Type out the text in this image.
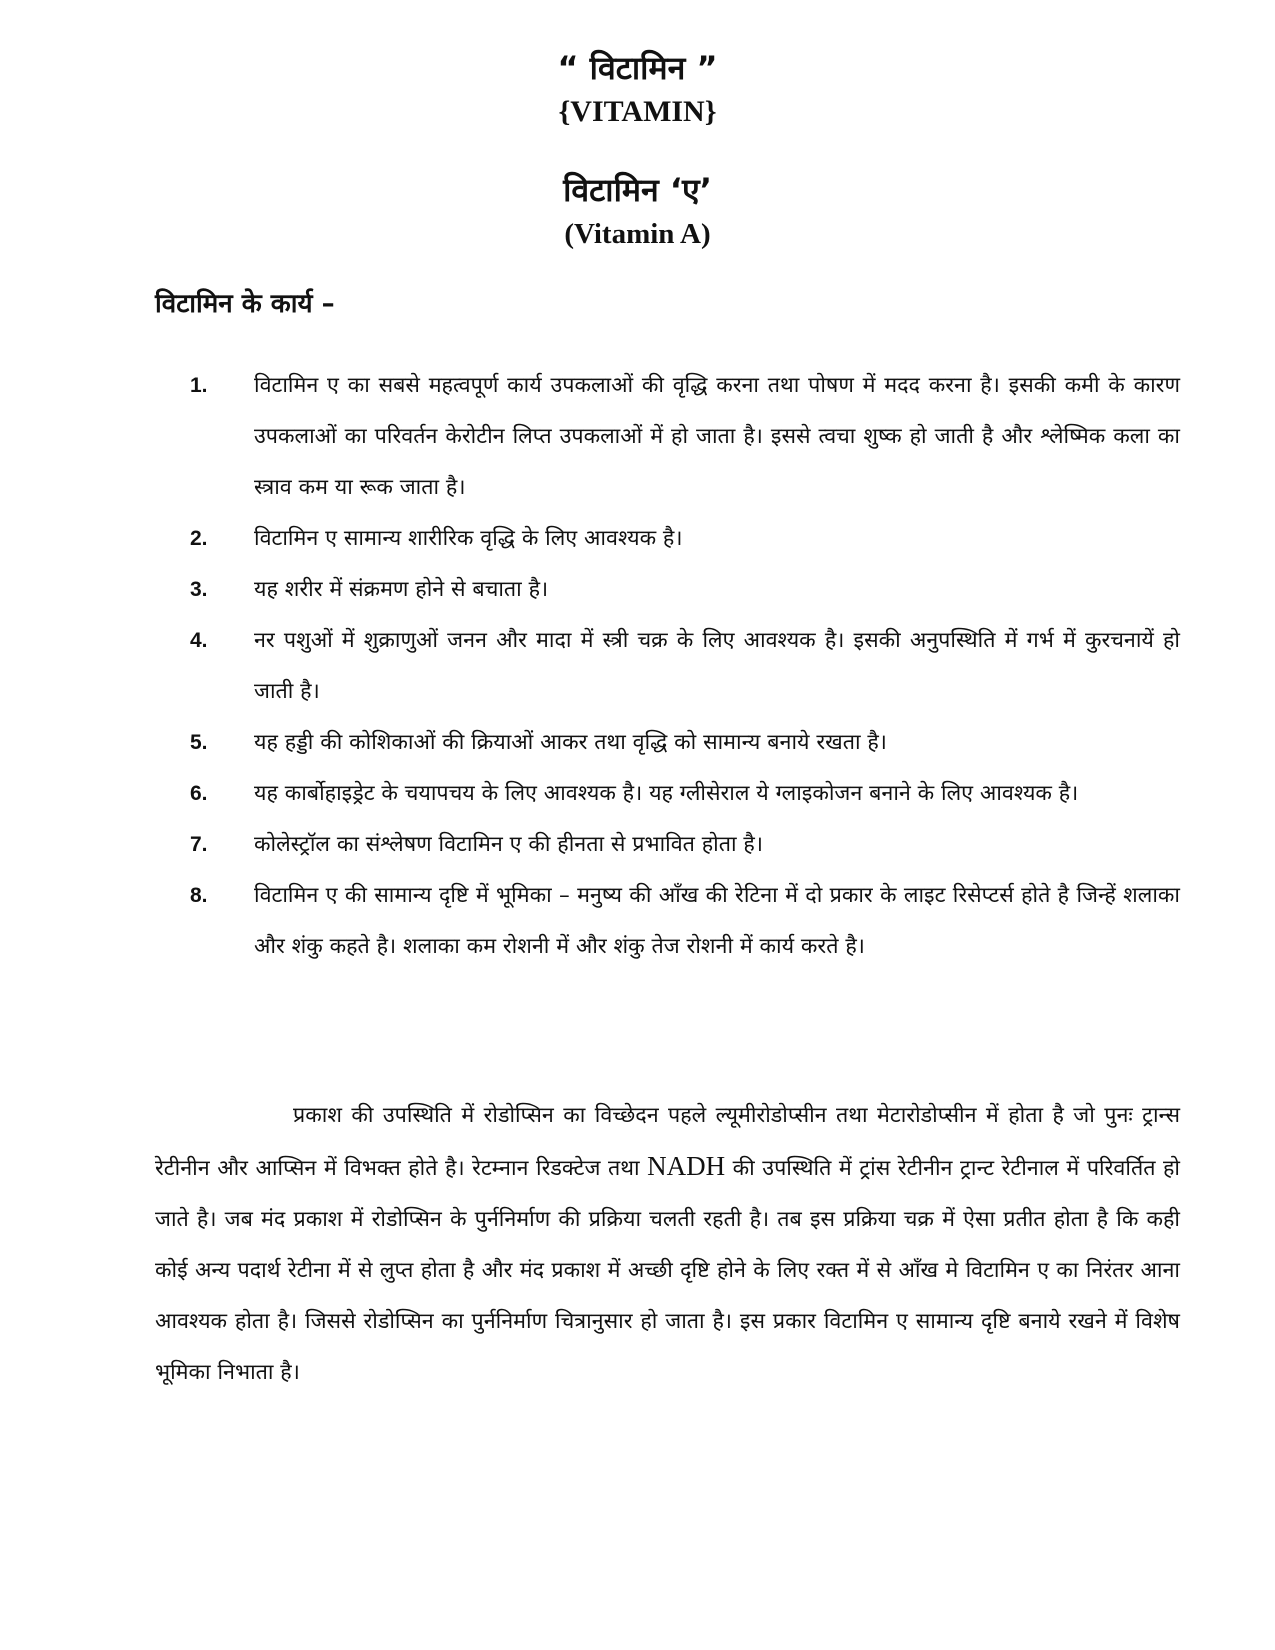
“ विटामिन ”
{VITAMIN}
विटामिन ‘ए’
(Vitamin A)
विटामिन के कार्य –
1.	विटामिन ए का सबसे महत्वपूर्ण कार्य उपकलाओं की वृद्धि करना तथा पोषण में मदद करना है। इसकी कमी के कारण उपकलाओं का परिवर्तन केरोटीन लिप्त उपकलाओं में हो जाता है। इससे त्वचा शुष्क हो जाती है और श्लेष्मिक कला का स्त्राव कम या रूक जाता है।
2.	विटामिन ए सामान्य शारीरिक वृद्धि के लिए आवश्यक है।
3.	यह शरीर में संक्रमण होने से बचाता है।
4.	नर पशुओं में शुक्राणुओं जनन और मादा में स्त्री चक्र के लिए आवश्यक है। इसकी अनुपस्थिति में गर्भ में कुरचनायें हो जाती है।
5.	यह हड्डी की कोशिकाओं की क्रियाओं आकर तथा वृद्धि को सामान्य बनाये रखता है।
6.	यह कार्बोहाइड्रेट के चयापचय के लिए आवश्यक है। यह ग्लीसेराल ये ग्लाइकोजन बनाने के लिए आवश्यक है।
7.	कोलेस्ट्रॉल का संश्लेषण विटामिन ए की हीनता से प्रभावित होता है।
8.	विटामिन ए की सामान्य दृष्टि में भूमिका – मनुष्य की आँख की रेटिना में दो प्रकार के लाइट रिसेप्टर्स होते है जिन्हें शलाका और शंकु कहते है। शलाका कम रोशनी में और शंकु तेज रोशनी में कार्य करते है।

प्रकाश की उपस्थिति में रोडोप्सिन का विच्छेदन पहले ल्यूमीरोडोप्सीन तथा मेटारोडोप्सीन में होता है जो पुनः ट्रान्स रेटीनीन और आप्सिन में विभक्त होते है। रेटम्नान रिडक्टेज तथा NADH की उपस्थिति में ट्रांस रेटीनीन ट्रान्ट रेटीनाल में परिवर्तित हो जाते है। जब मंद प्रकाश में रोडोप्सिन के पुर्ननिर्माण की प्रक्रिया चलती रहती है। तब इस प्रक्रिया चक्र में ऐसा प्रतीत होता है कि कही कोई अन्य पदार्थ रेटीना में से लुप्त होता है और मंद प्रकाश में अच्छी दृष्टि होने के लिए रक्त में से आँख मे विटामिन ए का निरंतर आना आवश्यक होता है। जिससे रोडोप्सिन का पुर्ननिर्माण चित्रानुसार हो जाता है। इस प्रकार विटामिन ए सामान्य दृष्टि बनाये रखने में विशेष भूमिका निभाता है।
